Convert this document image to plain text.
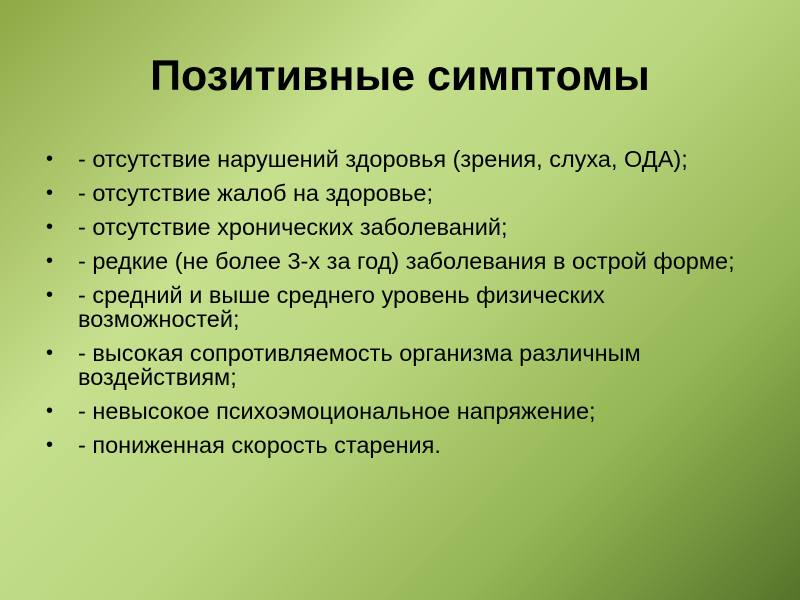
Позитивные симптомы
• - отсутствие нарушений здоровья (зрения, слуха, ОДА);
• - отсутствие жалоб на здоровье;
• - отсутствие хронических заболеваний;
• - редкие (не более 3-х за год) заболевания в острой форме;
• - средний и выше среднего уровень физических возможностей;
• - высокая сопротивляемость организма различным воздействиям;
• - невысокое психоэмоциональное напряжение;
• - пониженная скорость старения.
